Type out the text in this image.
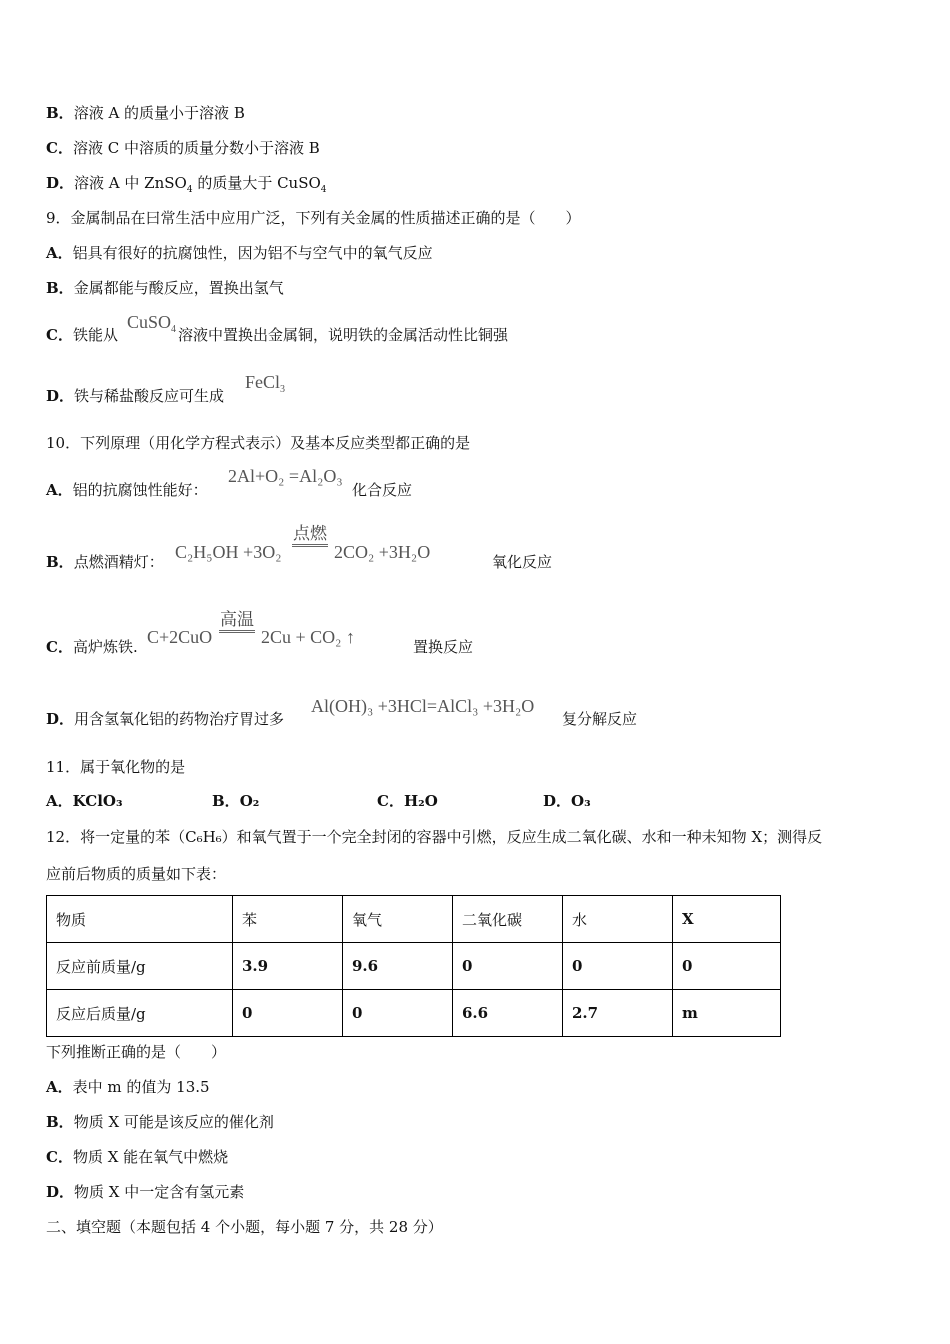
B．溶液 A 的质量小于溶液 B
C．溶液 C 中溶质的质量分数小于溶液 B
D．溶液 A 中 ZnSO$_4$ 的质量大于 CuSO$_4$
9．金属制品在曰常生活中应用广泛，下列有关金属的性质描述正确的是（　　）
A．铝具有很好的抗腐蚀性，因为铝不与空气中的氧气反应
B．金属都能与酸反应，置换出氢气
C．铁能从	溶液中置换出金属铜，说明铁的金属活动性比铜强
CuSO$_4$
D．铁与稀盐酸反应可生成
FeCl$_3$
10．下列原理（用化学方程式表示）及基本反应类型都正确的是
A．铝的抗腐蚀性能好：
2Al+O₂ =Al₂O₃
化合反应
B．点燃酒精灯： C₂H₅OH +3O₂
点燃
2CO₂ +3H₂O	氧化反应
C．高炉炼铁. C+2CuO
高温
2Cu + CO₂ ↑	置换反应
D．用含氢氧化铝的药物治疗胃过多
Al(OH)₃ +3HCl=AlCl₃ +3H₂O
复分解反应
11．属于氧化物的是
A．KClO₃	B．O₂	C．H₂O	D．O₃
12．将一定量的苯（C₆H₆）和氧气置于一个完全封闭的容器中引燃，反应生成二氧化碳、水和一种未知物 X；测得反
应前后物质的质量如下表：
物质	苯	氧气	二氧化碳	水	X
反应前质量/g	3.9	9.6	0	0	0
反应后质量/g	0	0	6.6	2.7	m
下列推断正确的是（　　）
A．表中 m 的值为 13.5
B．物质 X 可能是该反应的催化剂
C．物质 X 能在氧气中燃烧
D．物质 X 中一定含有氢元素
二、填空题（本题包括 4 个小题，每小题 7 分，共 28 分）
